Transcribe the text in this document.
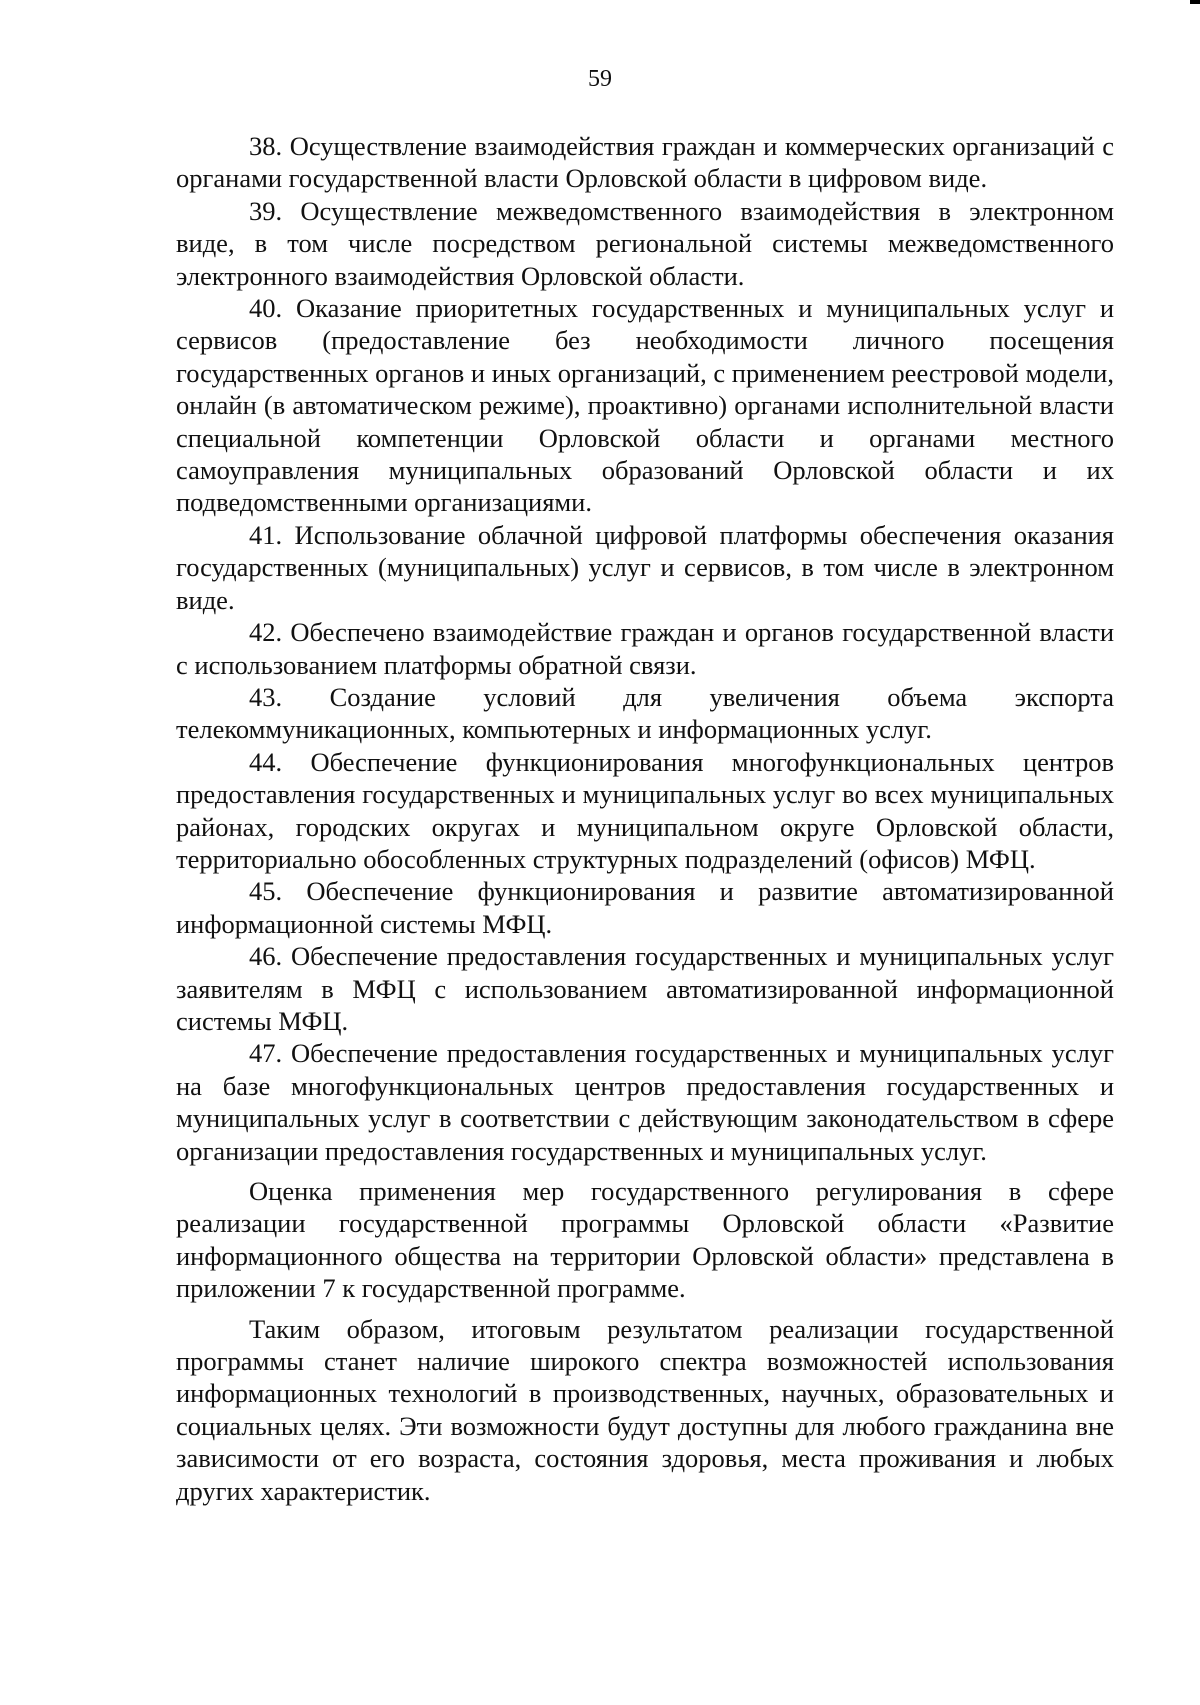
59

38. Осуществление взаимодействия граждан и коммерческих организаций с органами государственной власти Орловской области в цифровом виде.

39. Осуществление межведомственного взаимодействия в электронном виде, в том числе посредством региональной системы межведомственного электронного взаимодействия Орловской области.

40. Оказание приоритетных государственных и муниципальных услуг и сервисов (предоставление без необходимости личного посещения государственных органов и иных организаций, с применением реестровой модели, онлайн (в автоматическом режиме), проактивно) органами исполнительной власти специальной компетенции Орловской области и органами местного самоуправления муниципальных образований Орловской области и их подведомственными организациями.

41. Использование облачной цифровой платформы обеспечения оказания государственных (муниципальных) услуг и сервисов, в том числе в электронном виде.

42. Обеспечено взаимодействие граждан и органов государственной власти с использованием платформы обратной связи.

43. Создание условий для увеличения объема экспорта телекоммуникационных, компьютерных и информационных услуг.

44. Обеспечение функционирования многофункциональных центров предоставления государственных и муниципальных услуг во всех муниципальных районах, городских округах и муниципальном округе Орловской области, территориально обособленных структурных подразделений (офисов) МФЦ.

45. Обеспечение функционирования и развитие автоматизированной информационной системы МФЦ.

46. Обеспечение предоставления государственных и муниципальных услуг заявителям в МФЦ с использованием автоматизированной информационной системы МФЦ.

47. Обеспечение предоставления государственных и муниципальных услуг на базе многофункциональных центров предоставления государственных и муниципальных услуг в соответствии с действующим законодательством в сфере организации предоставления государственных и муниципальных услуг.

Оценка применения мер государственного регулирования в сфере реализации государственной программы Орловской области «Развитие информационного общества на территории Орловской области» представлена в приложении 7 к государственной программе.

Таким образом, итоговым результатом реализации государственной программы станет наличие широкого спектра возможностей использования информационных технологий в производственных, научных, образовательных и социальных целях. Эти возможности будут доступны для любого гражданина вне зависимости от его возраста, состояния здоровья, места проживания и любых других характеристик.
